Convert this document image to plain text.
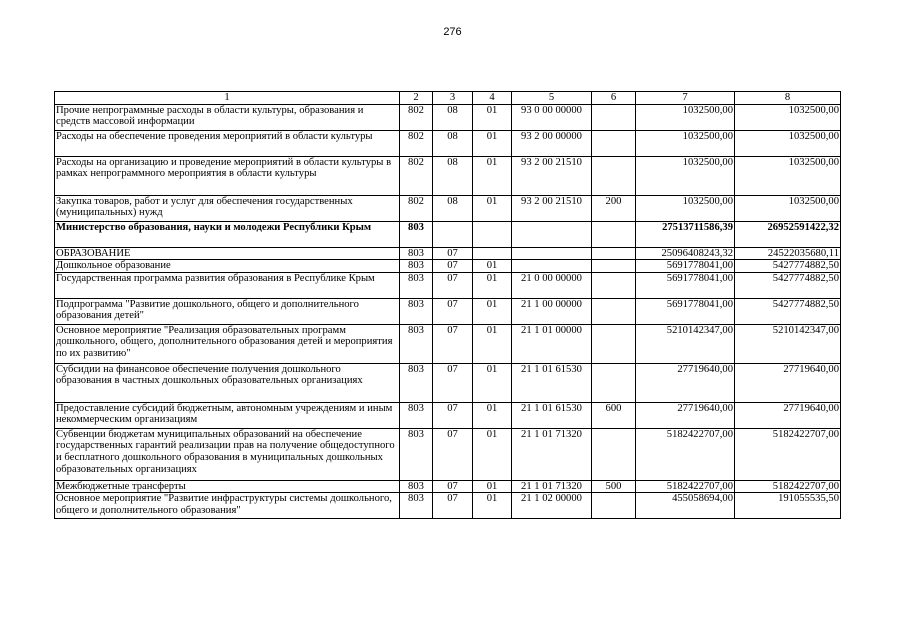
276
1	2	3	4	5	6	7	8
Прочие непрограммные расходы в области культуры, образования и средств массовой информации	802	08	01	93 0 00 00000		1032500,00	1032500,00
Расходы на обеспечение проведения мероприятий в области культуры	802	08	01	93 2 00 00000		1032500,00	1032500,00
Расходы на организацию и проведение мероприятий в области культуры в рамках непрограммного мероприятия в области культуры	802	08	01	93 2 00 21510		1032500,00	1032500,00
Закупка товаров, работ и услуг для обеспечения государственных (муниципальных) нужд	802	08	01	93 2 00 21510	200	1032500,00	1032500,00
Министерство образования, науки и молодежи Республики Крым	803					27513711586,39	26952591422,32
ОБРАЗОВАНИЕ	803	07				25096408243,32	24522035680,11
Дошкольное образование	803	07	01			5691778041,00	5427774882,50
Государственная программа развития образования в Республике Крым	803	07	01	21 0 00 00000		5691778041,00	5427774882,50
Подпрограмма "Развитие дошкольного, общего и дополнительного образования детей"	803	07	01	21 1 00 00000		5691778041,00	5427774882,50
Основное мероприятие "Реализация образовательных программ дошкольного, общего, дополнительного образования детей и мероприятия по их развитию"	803	07	01	21 1 01 00000		5210142347,00	5210142347,00
Субсидии на финансовое обеспечение получения дошкольного образования в частных дошкольных образовательных организациях	803	07	01	21 1 01 61530		27719640,00	27719640,00
Предоставление субсидий бюджетным, автономным учреждениям и иным некоммерческим организациям	803	07	01	21 1 01 61530	600	27719640,00	27719640,00
Субвенции бюджетам муниципальных образований на обеспечение государственных гарантий реализации прав на получение общедоступного и бесплатного дошкольного образования в муниципальных дошкольных образовательных организациях	803	07	01	21 1 01 71320		5182422707,00	5182422707,00
Межбюджетные трансферты	803	07	01	21 1 01 71320	500	5182422707,00	5182422707,00
Основное мероприятие "Развитие инфраструктуры системы дошкольного, общего и дополнительного образования"	803	07	01	21 1 02 00000		455058694,00	191055535,50
